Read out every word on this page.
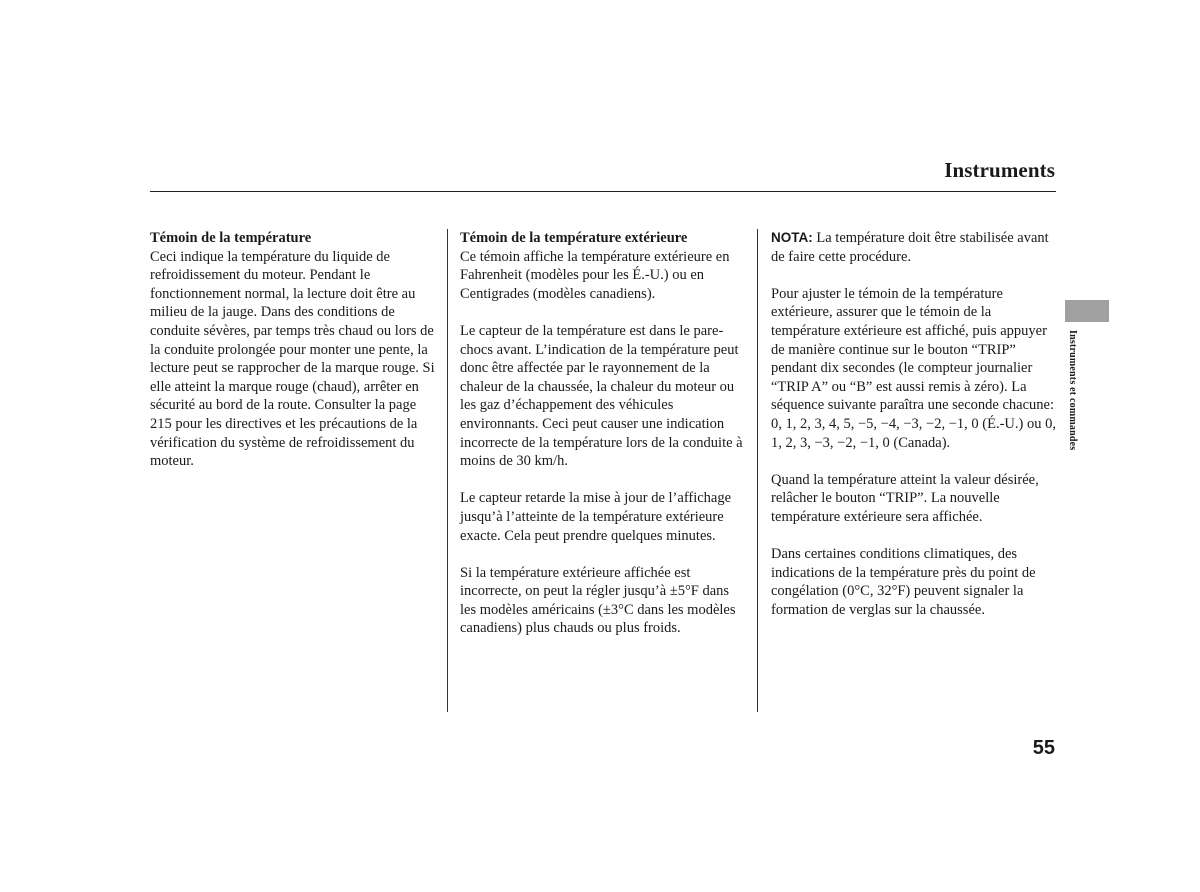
Instruments
Témoin de la température

Ceci indique la température du liquide de refroidissement du moteur. Pendant le fonctionnement normal, la lecture doit être au milieu de la jauge. Dans des conditions de conduite sévères, par temps très chaud ou lors de la conduite prolongée pour monter une pente, la lecture peut se rapprocher de la marque rouge. Si elle atteint la marque rouge (chaud), arrêter en sécurité au bord de la route. Consulter la page 215 pour les directives et les précautions de la vérification du système de refroidissement du moteur.

Témoin de la température extérieure

Ce témoin affiche la température extérieure en Fahrenheit (modèles pour les É.-U.) ou en Centigrades (modèles canadiens).

Le capteur de la température est dans le pare-chocs avant. L’indication de la température peut donc être affectée par le rayonnement de la chaleur de la chaussée, la chaleur du moteur ou les gaz d’échappement des véhicules environnants. Ceci peut causer une indication incorrecte de la température lors de la conduite à moins de 30 km/h.

Le capteur retarde la mise à jour de l’affichage jusqu’à l’atteinte de la température extérieure exacte. Cela peut prendre quelques minutes.

Si la température extérieure affichée est incorrecte, on peut la régler jusqu’à ±5°F dans les modèles américains (±3°C dans les modèles canadiens) plus chauds ou plus froids.

NOTA: La température doit être stabilisée avant de faire cette procédure.

Pour ajuster le témoin de la température extérieure, assurer que le témoin de la température extérieure est affiché, puis appuyer de manière continue sur le bouton “TRIP” pendant dix secondes (le compteur journalier “TRIP A” ou “B” est aussi remis à zéro). La séquence suivante paraîtra une seconde chacune: 0, 1, 2, 3, 4, 5, −5, −4, −3, −2, −1, 0 (É.-U.) ou 0, 1, 2, 3, −3, −2, −1, 0 (Canada).

Quand la température atteint la valeur désirée, relâcher le bouton “TRIP”. La nouvelle température extérieure sera affichée.

Dans certaines conditions climatiques, des indications de la température près du point de congélation (0°C, 32°F) peuvent signaler la formation de verglas sur la chaussée.

Instruments et commandes
55
